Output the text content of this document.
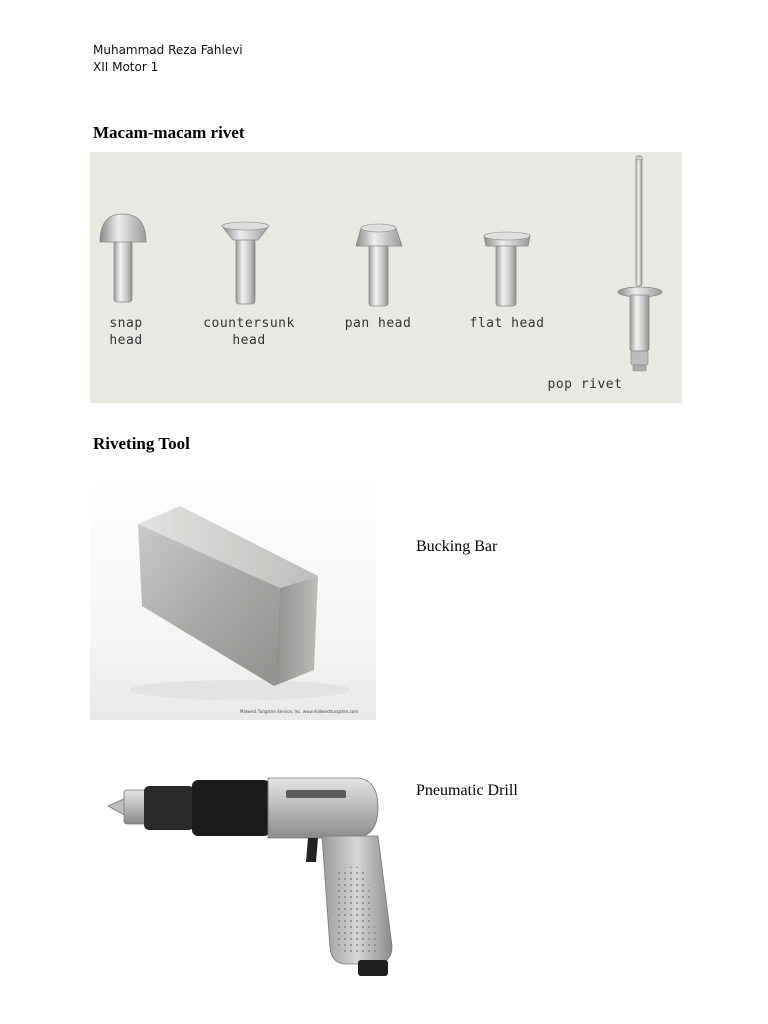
Muhammad Reza Fahlevi
XII Motor 1
Macam-macam rivet
snap
head
countersunk
head
pan head	flat head
pop rivet
Riveting Tool
Midwest Tungsten Service, Inc. www.midwesttungsten.com
Bucking Bar
Pneumatic Drill
